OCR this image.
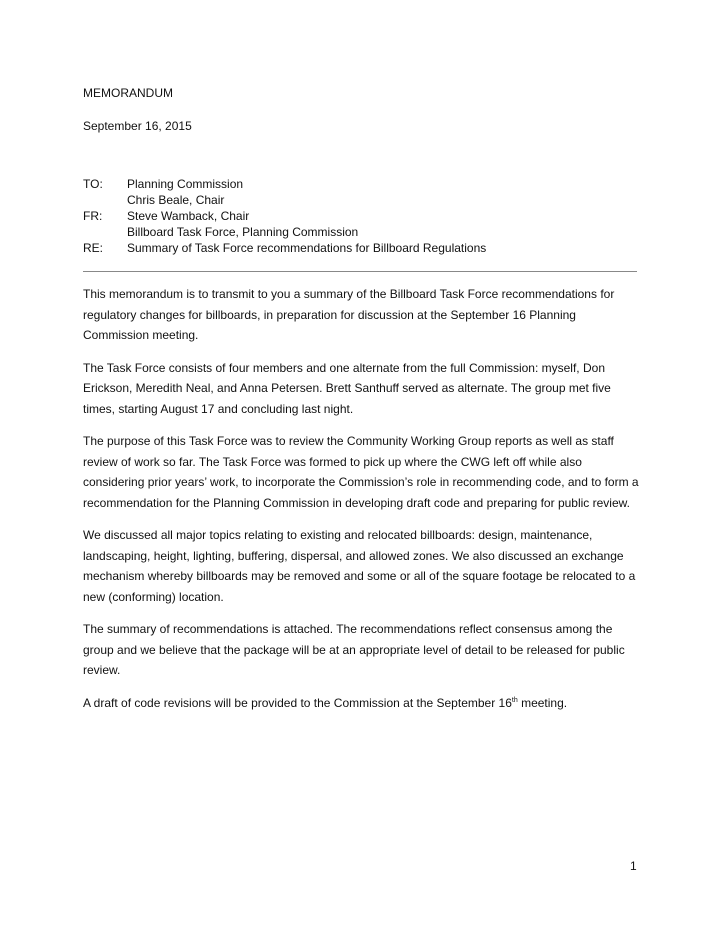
MEMORANDUM
September 16, 2015
TO:	Planning Commission
Chris Beale, Chair
FR:	Steve Wamback, Chair
Billboard Task Force, Planning Commission
RE:	Summary of Task Force recommendations for Billboard Regulations

This memorandum is to transmit to you a summary of the Billboard Task Force recommendations for regulatory changes for billboards, in preparation for discussion at the September 16 Planning Commission meeting.

The Task Force consists of four members and one alternate from the full Commission: myself, Don Erickson, Meredith Neal, and Anna Petersen. Brett Santhuff served as alternate. The group met five times, starting August 17 and concluding last night.

The purpose of this Task Force was to review the Community Working Group reports as well as staff review of work so far. The Task Force was formed to pick up where the CWG left off while also considering prior years’ work, to incorporate the Commission’s role in recommending code, and to form a recommendation for the Planning Commission in developing draft code and preparing for public review.

We discussed all major topics relating to existing and relocated billboards: design, maintenance, landscaping, height, lighting, buffering, dispersal, and allowed zones. We also discussed an exchange mechanism whereby billboards may be removed and some or all of the square footage be relocated to a new (conforming) location.

The summary of recommendations is attached. The recommendations reflect consensus among the group and we believe that the package will be at an appropriate level of detail to be released for public review.

A draft of code revisions will be provided to the Commission at the September 16th meeting.

1
